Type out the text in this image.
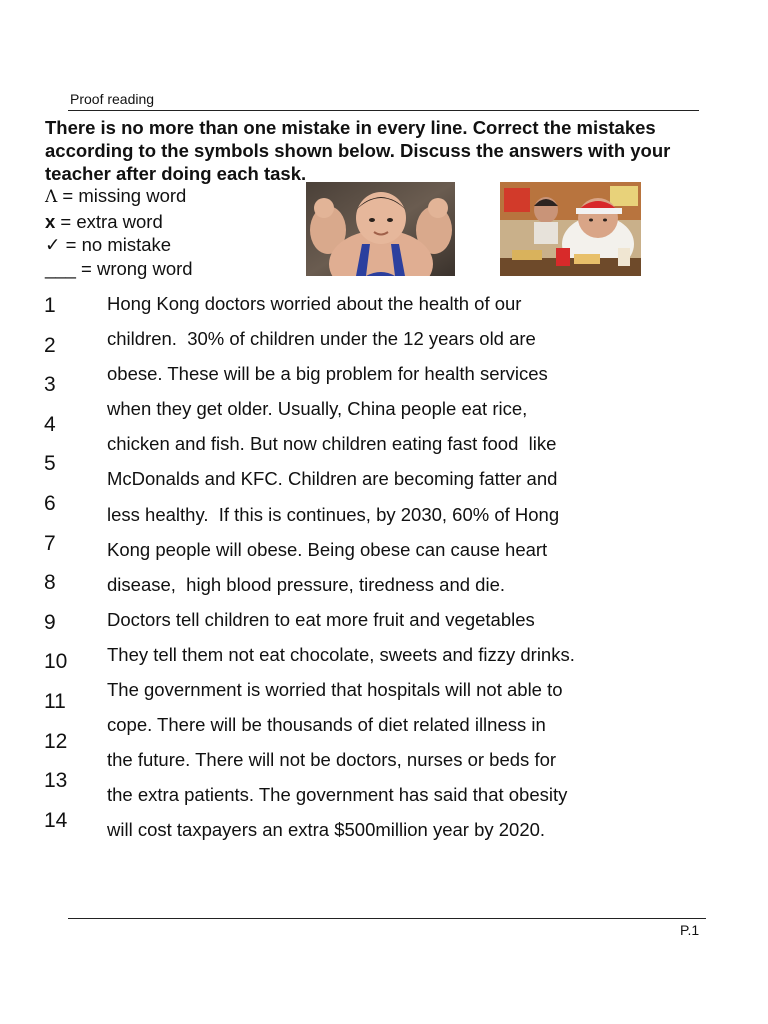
Proof reading
There is no more than one mistake in every line. Correct the mistakes according to the symbols shown below. Discuss the answers with your teacher after doing each task.
Λ = missing word
x = extra word
✓ = no mistake
___ = wrong word
1
2
3
4
5
6
7
8
9
10
11
12
13
14
Hong Kong doctors worried about the health of our
children.  30% of children under the 12 years old are
obese. These will be a big problem for health services
when they get older. Usually, China people eat rice,
chicken and fish. But now children eating fast food  like
McDonalds and KFC. Children are becoming fatter and
less healthy.  If this is continues, by 2030, 60% of Hong
Kong people will obese. Being obese can cause heart
disease,  high blood pressure, tiredness and die.
Doctors tell children to eat more fruit and vegetables
They tell them not eat chocolate, sweets and fizzy drinks.
The government is worried that hospitals will not able to
cope. There will be thousands of diet related illness in
the future. There will not be doctors, nurses or beds for
the extra patients. The government has said that obesity
will cost taxpayers an extra $500million year by 2020.
P.1
